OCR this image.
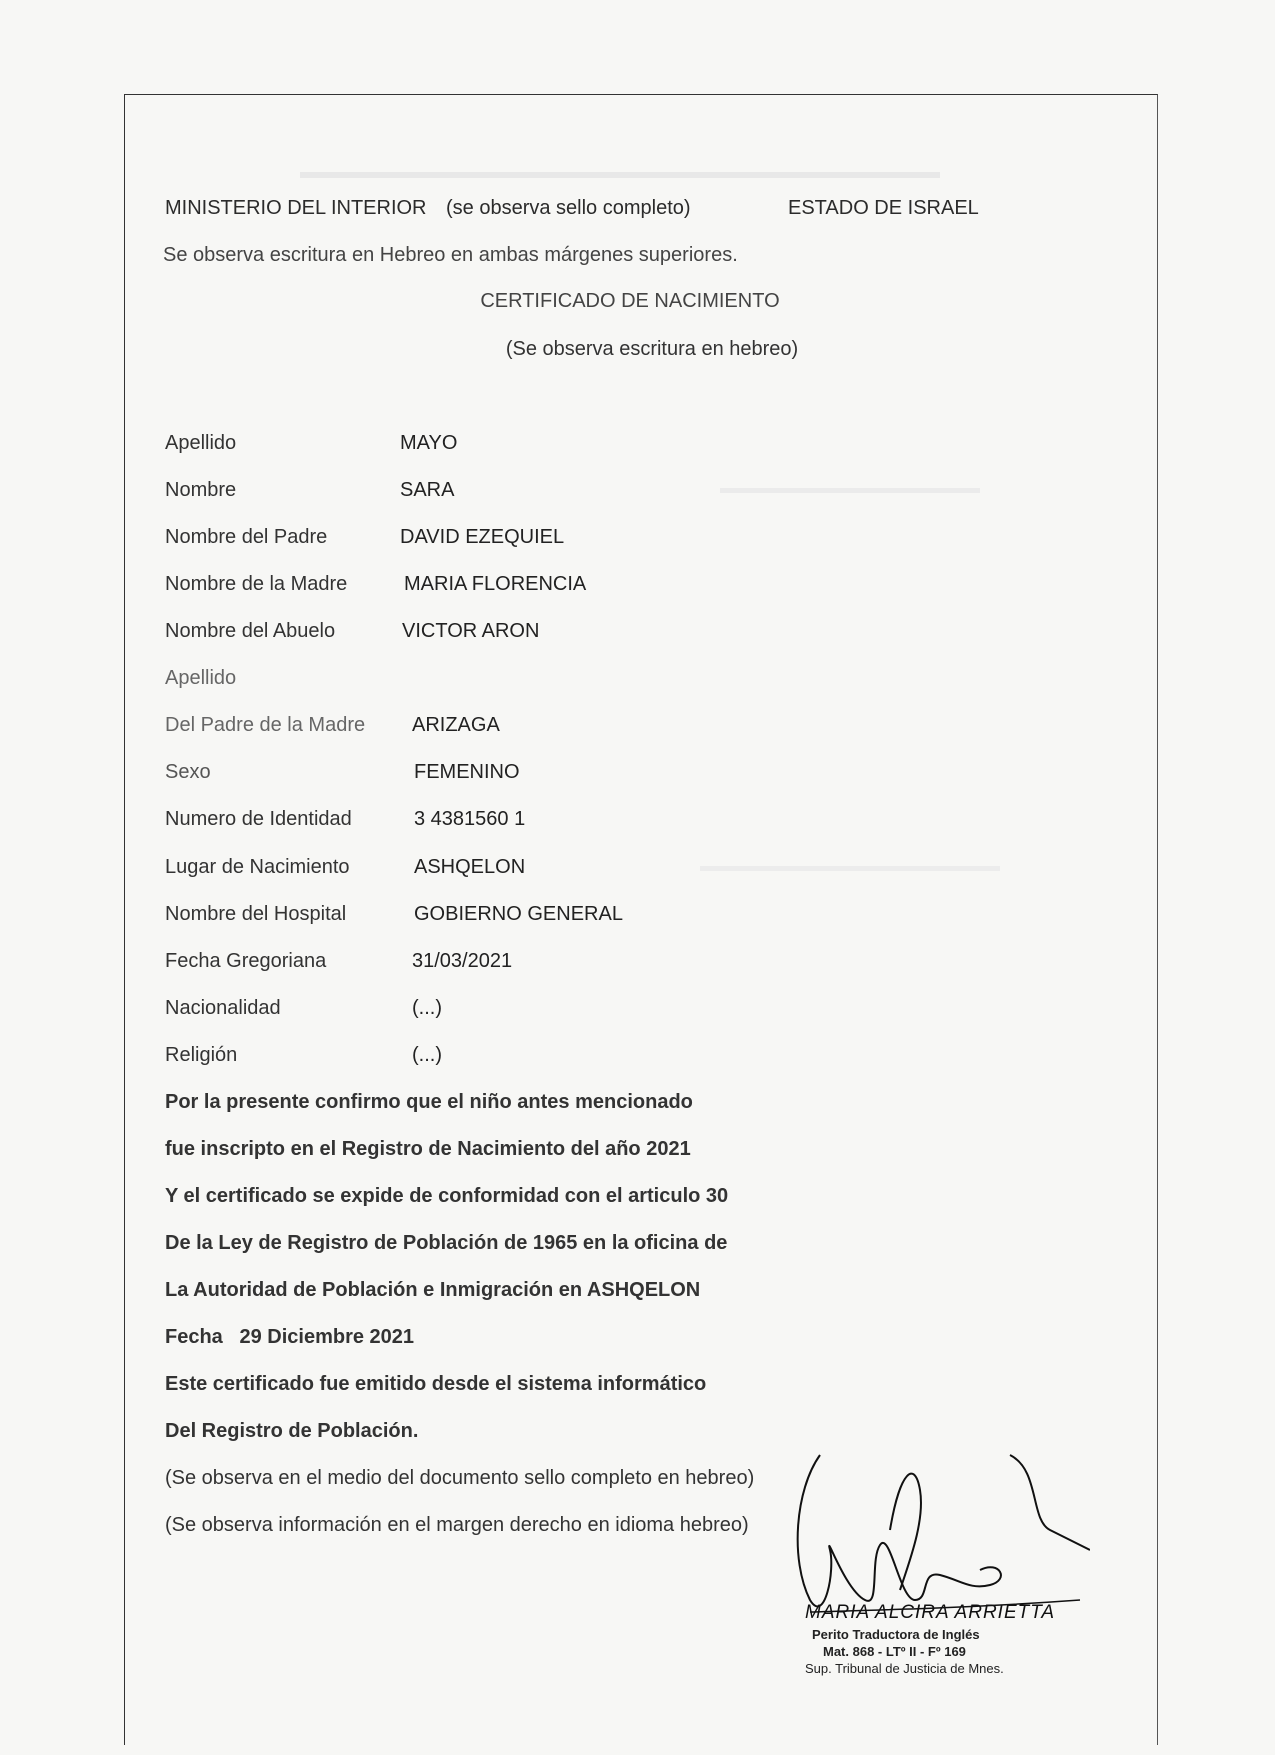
MINISTERIO DEL INTERIOR (se observa sello completo)	ESTADO DE ISRAEL
Se observa escritura en Hebreo en ambas márgenes superiores.
CERTIFICADO DE NACIMIENTO
(Se observa escritura en hebreo)
Apellido	MAYO
Nombre	SARA
Nombre del Padre	DAVID EZEQUIEL
Nombre de la Madre	MARIA FLORENCIA
Nombre del Abuelo	VICTOR ARON
Apellido
Del Padre de la Madre ARIZAGA
Sexo	FEMENINO
Numero de Identidad	3 4381560 1
Lugar de Nacimiento	ASHQELON
Nombre del Hospital	GOBIERNO GENERAL
Fecha Gregoriana	31/03/2021
Nacionalidad	(...)
Religión	(...)
Por la presente confirmo que el niño antes mencionado
fue inscripto en el Registro de Nacimiento del año 2021
Y el certificado se expide de conformidad con el articulo 30
De la Ley de Registro de Población de 1965 en la oficina de
La Autoridad de Población e Inmigración en ASHQELON
Fecha   29 Diciembre 2021
Este certificado fue emitido desde el sistema informático
Del Registro de Población.
(Se observa en el medio del documento sello completo en hebreo)
(Se observa información en el margen derecho en idioma hebreo)
MARIA ALCIRA ARRIETTA
Perito Traductora de Inglés
Mat. 868 - LTº II - Fº 169
Sup. Tribunal de Justicia de Mnes.
